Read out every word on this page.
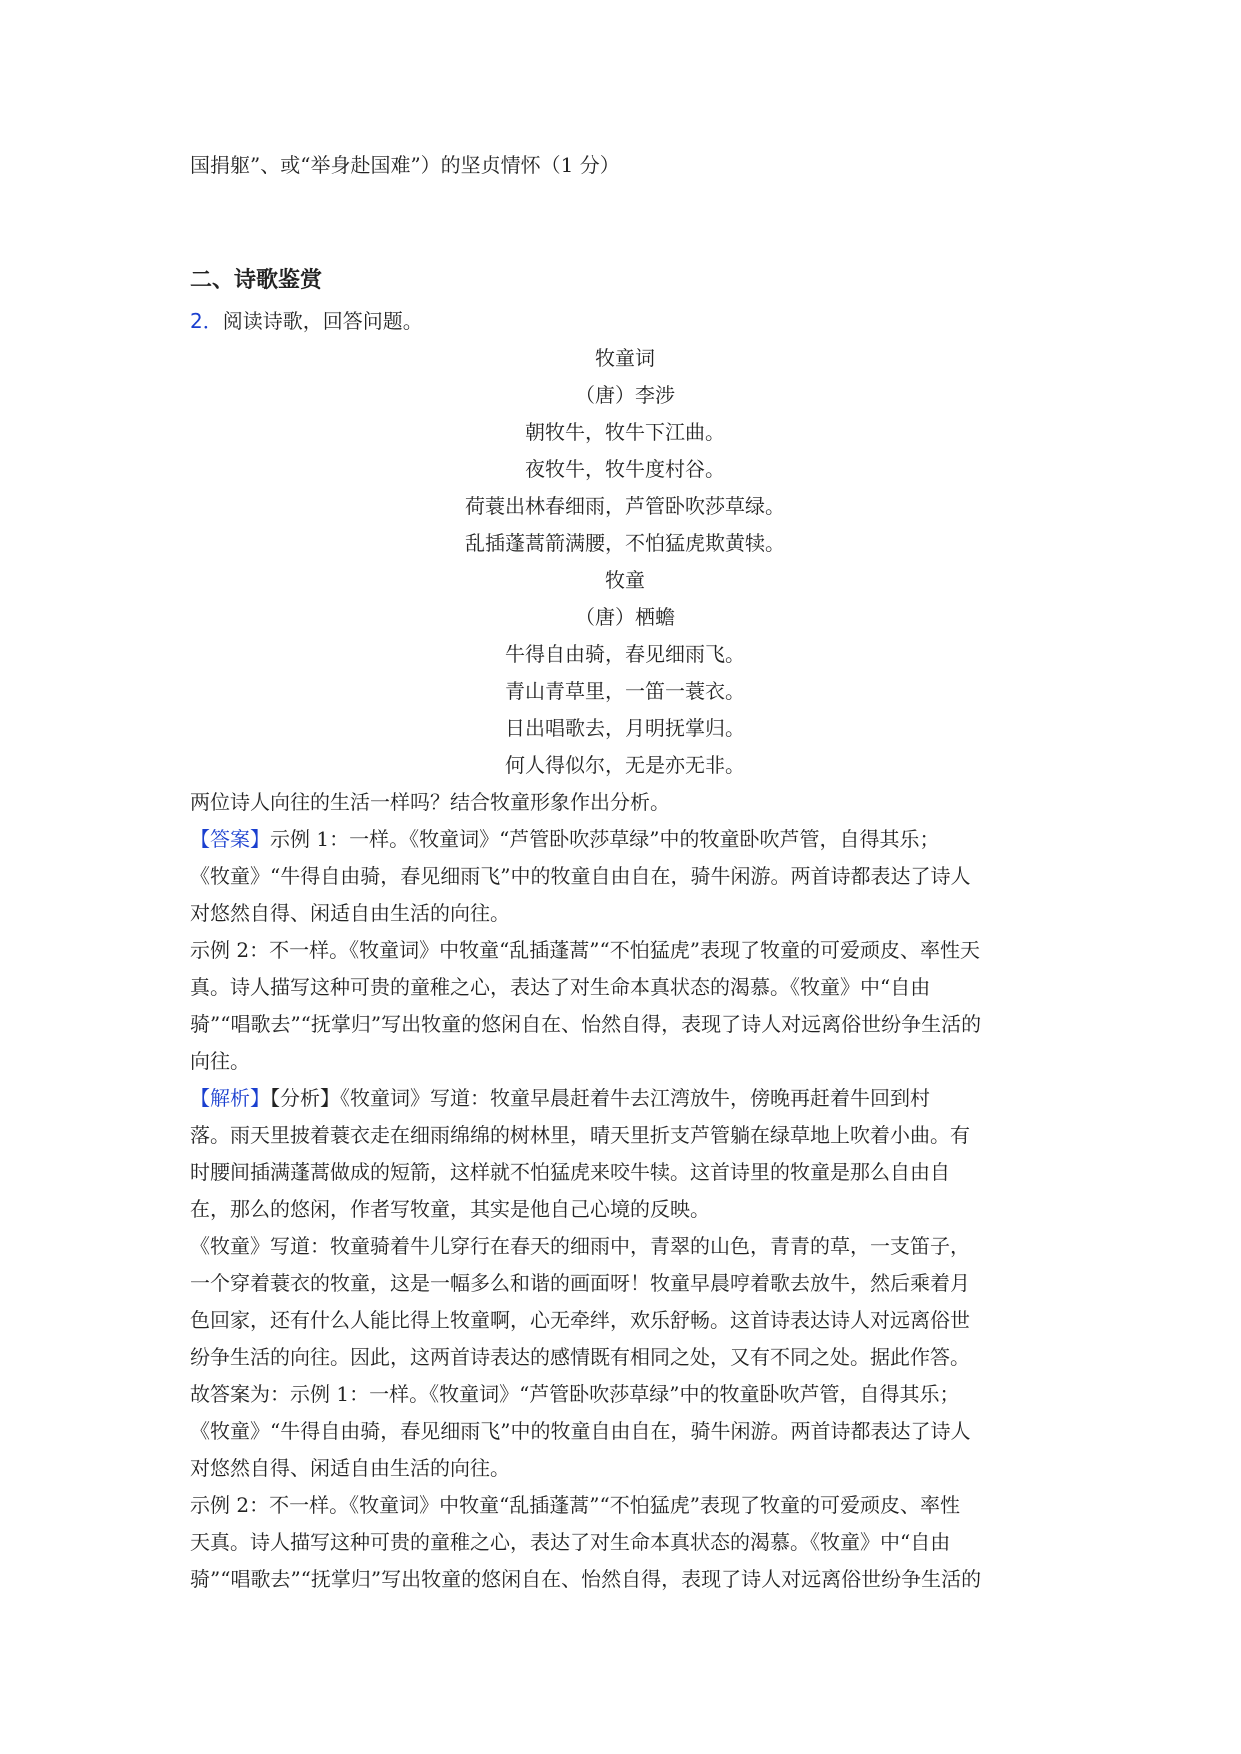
国捐躯”、或“举身赴国难”）的坚贞情怀（1 分）
二、诗歌鉴赏
2．阅读诗歌，回答问题。
牧童词
（唐）李涉
朝牧牛，牧牛下江曲。
夜牧牛，牧牛度村谷。
荷蓑出林春细雨，芦管卧吹莎草绿。
乱插蓬蒿箭满腰，不怕猛虎欺黄犊。
牧童
（唐）栖蟾
牛得自由骑，春见细雨飞。
青山青草里，一笛一蓑衣。
日出唱歌去，月明抚掌归。
何人得似尔，无是亦无非。
两位诗人向往的生活一样吗？结合牧童形象作出分析。
【答案】示例 1：一样。《牧童词》“芦管卧吹莎草绿”中的牧童卧吹芦管，自得其乐；
《牧童》“牛得自由骑，春见细雨飞”中的牧童自由自在，骑牛闲游。两首诗都表达了诗人
对悠然自得、闲适自由生活的向往。
示例 2：不一样。《牧童词》中牧童“乱插蓬蒿”“不怕猛虎”表现了牧童的可爱顽皮、率性天
真。诗人描写这种可贵的童稚之心，表达了对生命本真状态的渴慕。《牧童》中“自由
骑”“唱歌去”“抚掌归”写出牧童的悠闲自在、怡然自得，表现了诗人对远离俗世纷争生活的
向往。
【解析】【分析】《牧童词》写道：牧童早晨赶着牛去江湾放牛，傍晚再赶着牛回到村
落。雨天里披着蓑衣走在细雨绵绵的树林里，晴天里折支芦管躺在绿草地上吹着小曲。有
时腰间插满蓬蒿做成的短箭，这样就不怕猛虎来咬牛犊。这首诗里的牧童是那么自由自
在，那么的悠闲，作者写牧童，其实是他自己心境的反映。
《牧童》写道：牧童骑着牛儿穿行在春天的细雨中，青翠的山色，青青的草，一支笛子，
一个穿着蓑衣的牧童，这是一幅多么和谐的画面呀！牧童早晨哼着歌去放牛，然后乘着月
色回家，还有什么人能比得上牧童啊，心无牵绊，欢乐舒畅。这首诗表达诗人对远离俗世
纷争生活的向往。因此，这两首诗表达的感情既有相同之处，又有不同之处。据此作答。
故答案为：示例 1：一样。《牧童词》“芦管卧吹莎草绿”中的牧童卧吹芦管，自得其乐；
《牧童》“牛得自由骑，春见细雨飞”中的牧童自由自在，骑牛闲游。两首诗都表达了诗人
对悠然自得、闲适自由生活的向往。
示例 2：不一样。《牧童词》中牧童“乱插蓬蒿”“不怕猛虎”表现了牧童的可爱顽皮、率性
天真。诗人描写这种可贵的童稚之心，表达了对生命本真状态的渴慕。《牧童》中“自由
骑”“唱歌去”“抚掌归”写出牧童的悠闲自在、怡然自得，表现了诗人对远离俗世纷争生活的
